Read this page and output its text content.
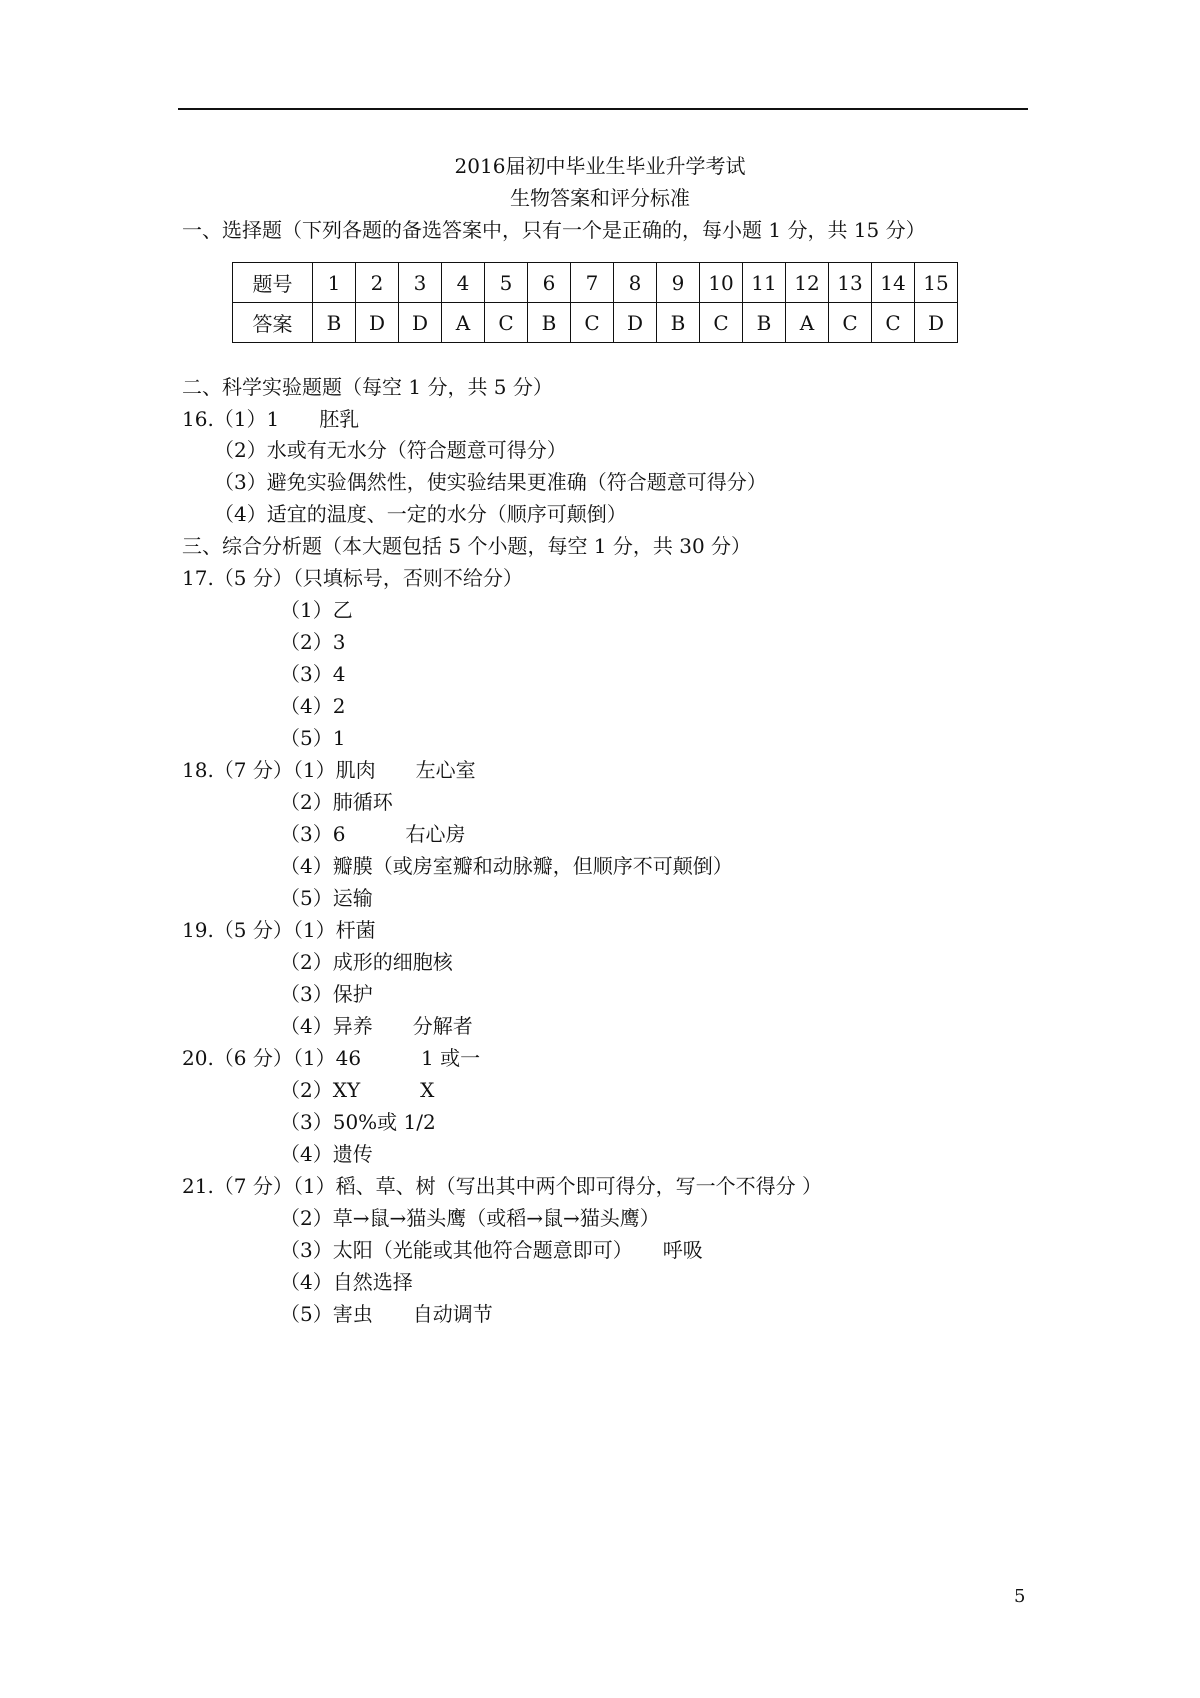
2016届初中毕业生毕业升学考试
生物答案和评分标准
一、选择题（下列各题的备选答案中，只有一个是正确的，每小题 1 分，共 15 分）
题号	1	2	3	4	5	6	7	8	9	10	11	12	13	14	15
答案	B	D	D	A	C	B	C	D	B	C	B	A	C	C	D
二、科学实验题题（每空 1 分，共 5 分）
16.（1）1　　胚乳
（2）水或有无水分（符合题意可得分）
（3）避免实验偶然性，使实验结果更准确（符合题意可得分）
（4）适宜的温度、一定的水分（顺序可颠倒）
三、综合分析题（本大题包括 5 个小题，每空 1 分，共 30 分）
17.（5 分）（只填标号，否则不给分）
（1）乙
（2）3
（3）4
（4）2
（5）1
18.（7 分）（1）肌肉　　左心室
（2）肺循环
（3）6　　　右心房
（4）瓣膜（或房室瓣和动脉瓣，但顺序不可颠倒）
（5）运输
19.（5 分）（1）杆菌
（2）成形的细胞核
（3）保护
（4）异养　　分解者
20.（6 分）（1）46　　　1 或一
（2）XY　　　X
（3）50%或 1/2
（4）遗传
21.（7 分）（1）稻、草、树（写出其中两个即可得分，写一个不得分 ）
（2）草→鼠→猫头鹰（或稻→鼠→猫头鹰）
（3）太阳（光能或其他符合题意即可）　　呼吸
（4）自然选择
（5）害虫　　自动调节
5
